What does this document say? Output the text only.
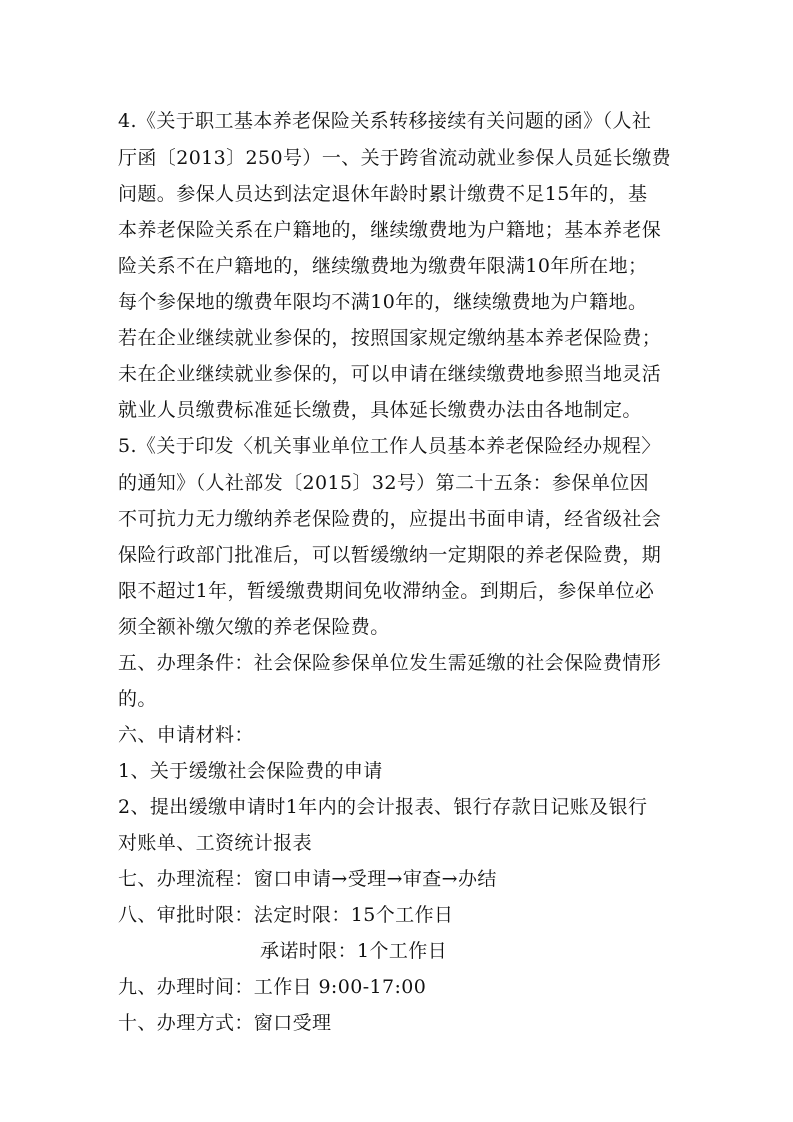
4.《关于职工基本养老保险关系转移接续有关问题的函》（人社
厅函〔2013〕250号）一、关于跨省流动就业参保人员延长缴费
问题。参保人员达到法定退休年龄时累计缴费不足15年的，基
本养老保险关系在户籍地的，继续缴费地为户籍地；基本养老保
险关系不在户籍地的，继续缴费地为缴费年限满10年所在地；
每个参保地的缴费年限均不满10年的，继续缴费地为户籍地。
若在企业继续就业参保的，按照国家规定缴纳基本养老保险费；
未在企业继续就业参保的，可以申请在继续缴费地参照当地灵活
就业人员缴费标准延长缴费，具体延长缴费办法由各地制定。
5.《关于印发〈机关事业单位工作人员基本养老保险经办规程〉
的通知》（人社部发〔2015〕32号）第二十五条：参保单位因
不可抗力无力缴纳养老保险费的，应提出书面申请，经省级社会
保险行政部门批准后，可以暂缓缴纳一定期限的养老保险费，期
限不超过1年，暂缓缴费期间免收滞纳金。到期后，参保单位必
须全额补缴欠缴的养老保险费。
五、办理条件：社会保险参保单位发生需延缴的社会保险费情形
的。
六、申请材料：
1、关于缓缴社会保险费的申请
2、提出缓缴申请时1年内的会计报表、银行存款日记账及银行
对账单、工资统计报表
七、办理流程：窗口申请→受理→审查→办结
八、审批时限：法定时限：15个工作日
承诺时限：1个工作日
九、办理时间：工作日 9:00-17:00
十、办理方式：窗口受理
